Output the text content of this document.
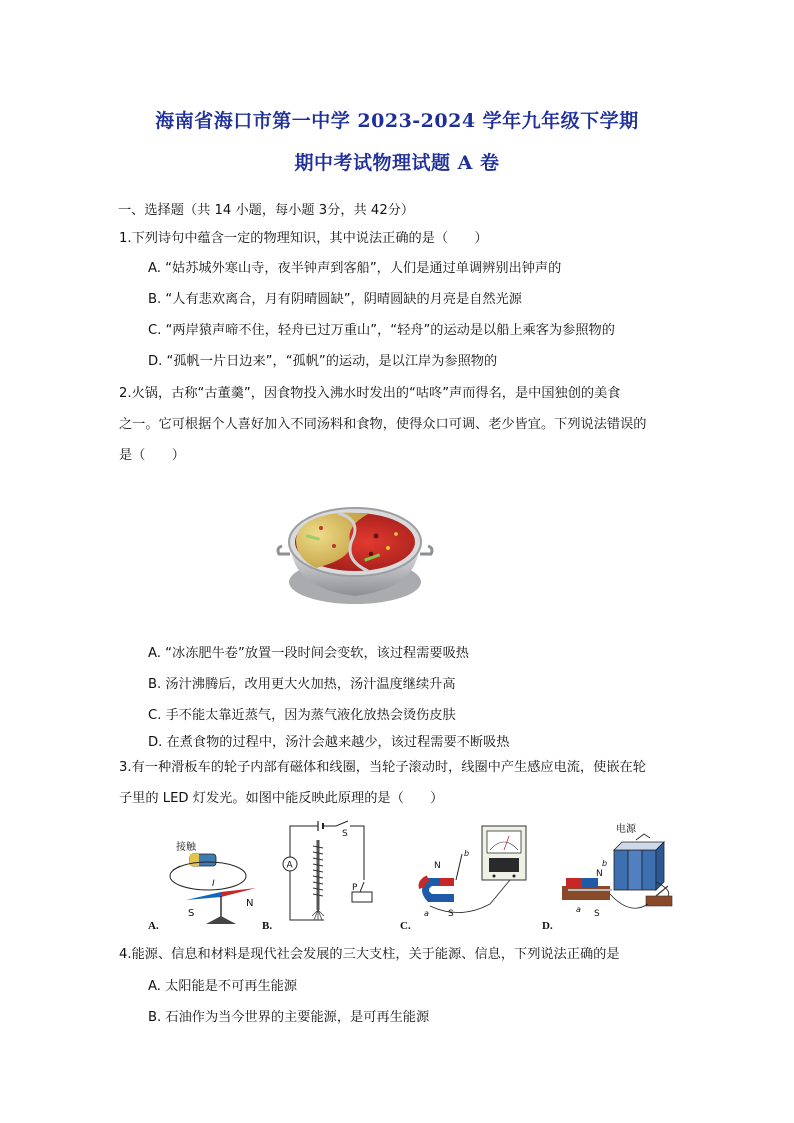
海南省海口市第一中学 2023-2024 学年九年级下学期
期中考试物理试题 A 卷
一、选择题（共 14 小题，每小题 3分，共 42分）
1.下列诗句中蕴含一定的物理知识，其中说法正确的是（　　）
A. “姑苏城外寒山寺，夜半钟声到客船”，人们是通过单调辨别出钟声的
B. “人有悲欢离合，月有阴晴圆缺”，阴晴圆缺的月亮是自然光源
C. “两岸猿声啼不住，轻舟已过万重山”，“轻舟”的运动是以船上乘客为参照物的
D. “孤帆一片日边来”，“孤帆”的运动，是以江岸为参照物的
2.火锅，古称“古董羹”，因食物投入沸水时发出的“咕咚”声而得名，是中国独创的美食
之一。它可根据个人喜好加入不同汤料和食物，使得众口可调、老少皆宜。下列说法错误的
是（　　）
A. “冰冻肥牛卷”放置一段时间会变软，该过程需要吸热
B. 汤汁沸腾后，改用更大火加热，汤汁温度继续升高
C. 手不能太靠近蒸气，因为蒸气液化放热会烫伤皮肤
D. 在煮食物的过程中，汤汁会越来越少，该过程需要不断吸热
3.有一种滑板车的轮子内部有磁体和线圈，当轮子滚动时，线圈中产生感应电流，使嵌在轮
子里的 LED 灯发光。如图中能反映此原理的是（　　）
接触
I
S
N
A.
S
A
P
B.
N
S
b
a
C.
电源
N
S
a
b
D.
4.能源、信息和材料是现代社会发展的三大支柱，关于能源、信息，下列说法正确的是
A. 太阳能是不可再生能源
B. 石油作为当今世界的主要能源，是可再生能源
